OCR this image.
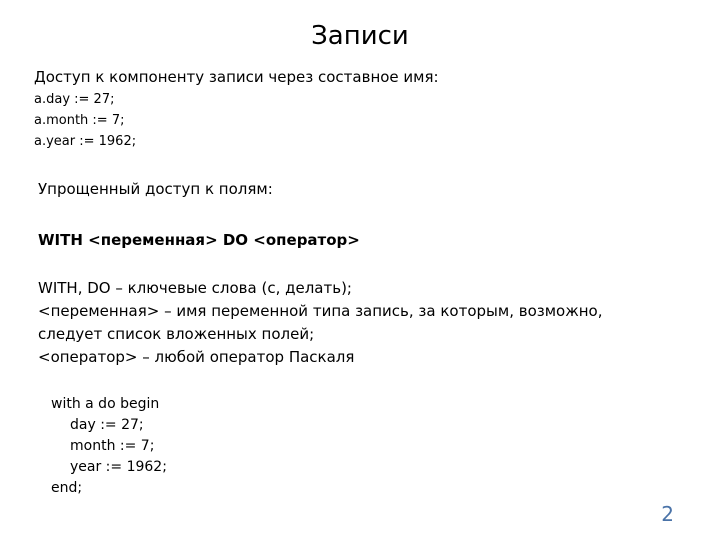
Записи
Доступ к компоненту записи через составное имя:
a.day := 27;
a.month := 7;
a.year := 1962;
Упрощенный доступ к полям:
WITH <переменная> DO <оператор>
WITH, DO – ключевые слова (с, делать);
<переменная> – имя переменной типа запись, за которым, возможно,
следует список вложенных полей;
<оператор> – любой оператор Паскаля
with a do begin
day := 27;
month := 7;
year := 1962;
end;
2
